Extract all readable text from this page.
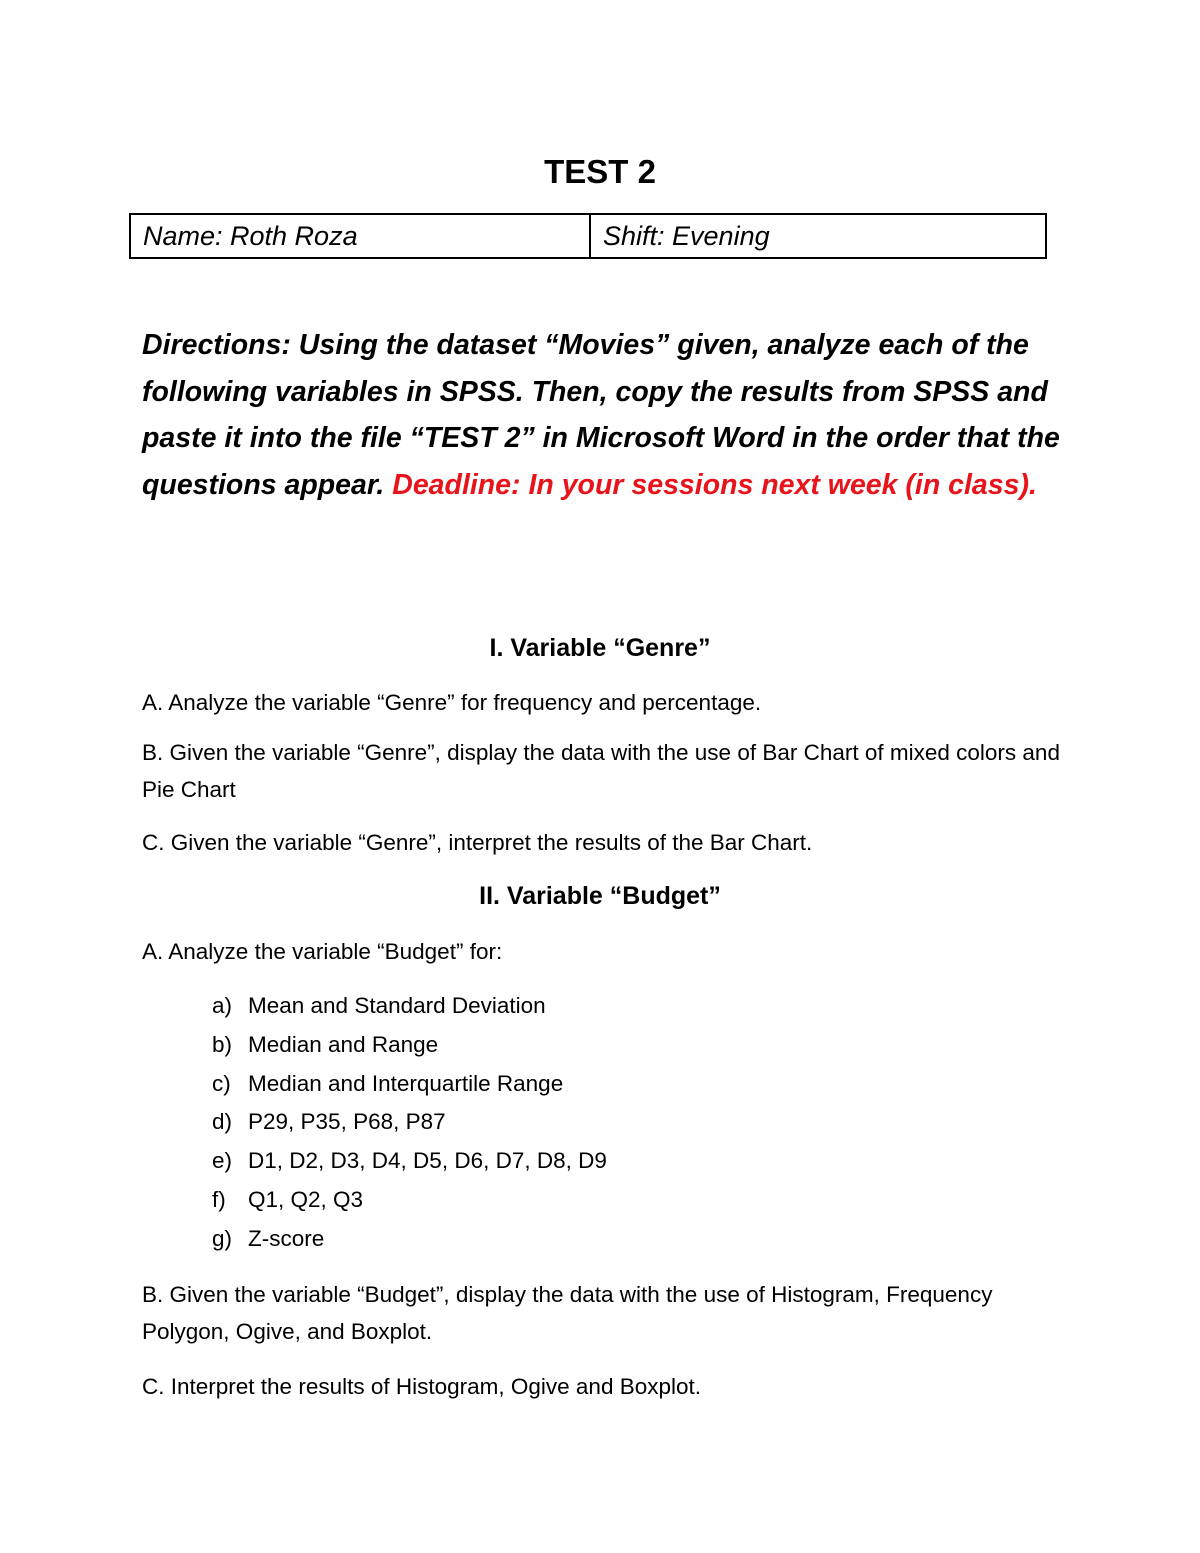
TEST 2
Name: Roth Roza	Shift: Evening

Directions: Using the dataset “Movies” given, analyze each of the following variables in SPSS. Then, copy the results from SPSS and paste it into the file “TEST 2” in Microsoft Word in the order that the questions appear. Deadline: In your sessions next week (in class).

I. Variable “Genre”

A. Analyze the variable “Genre” for frequency and percentage.

B. Given the variable “Genre”, display the data with the use of Bar Chart of mixed colors and Pie Chart

C. Given the variable “Genre”, interpret the results of the Bar Chart.

II. Variable “Budget”

A. Analyze the variable “Budget” for:

a) Mean and Standard Deviation
b) Median and Range
c) Median and Interquartile Range
d) P29, P35, P68, P87
e) D1, D2, D3, D4, D5, D6, D7, D8, D9
f) Q1, Q2, Q3
g) Z-score

B. Given the variable “Budget”, display the data with the use of Histogram, Frequency Polygon, Ogive, and Boxplot.

C. Interpret the results of Histogram, Ogive and Boxplot.
